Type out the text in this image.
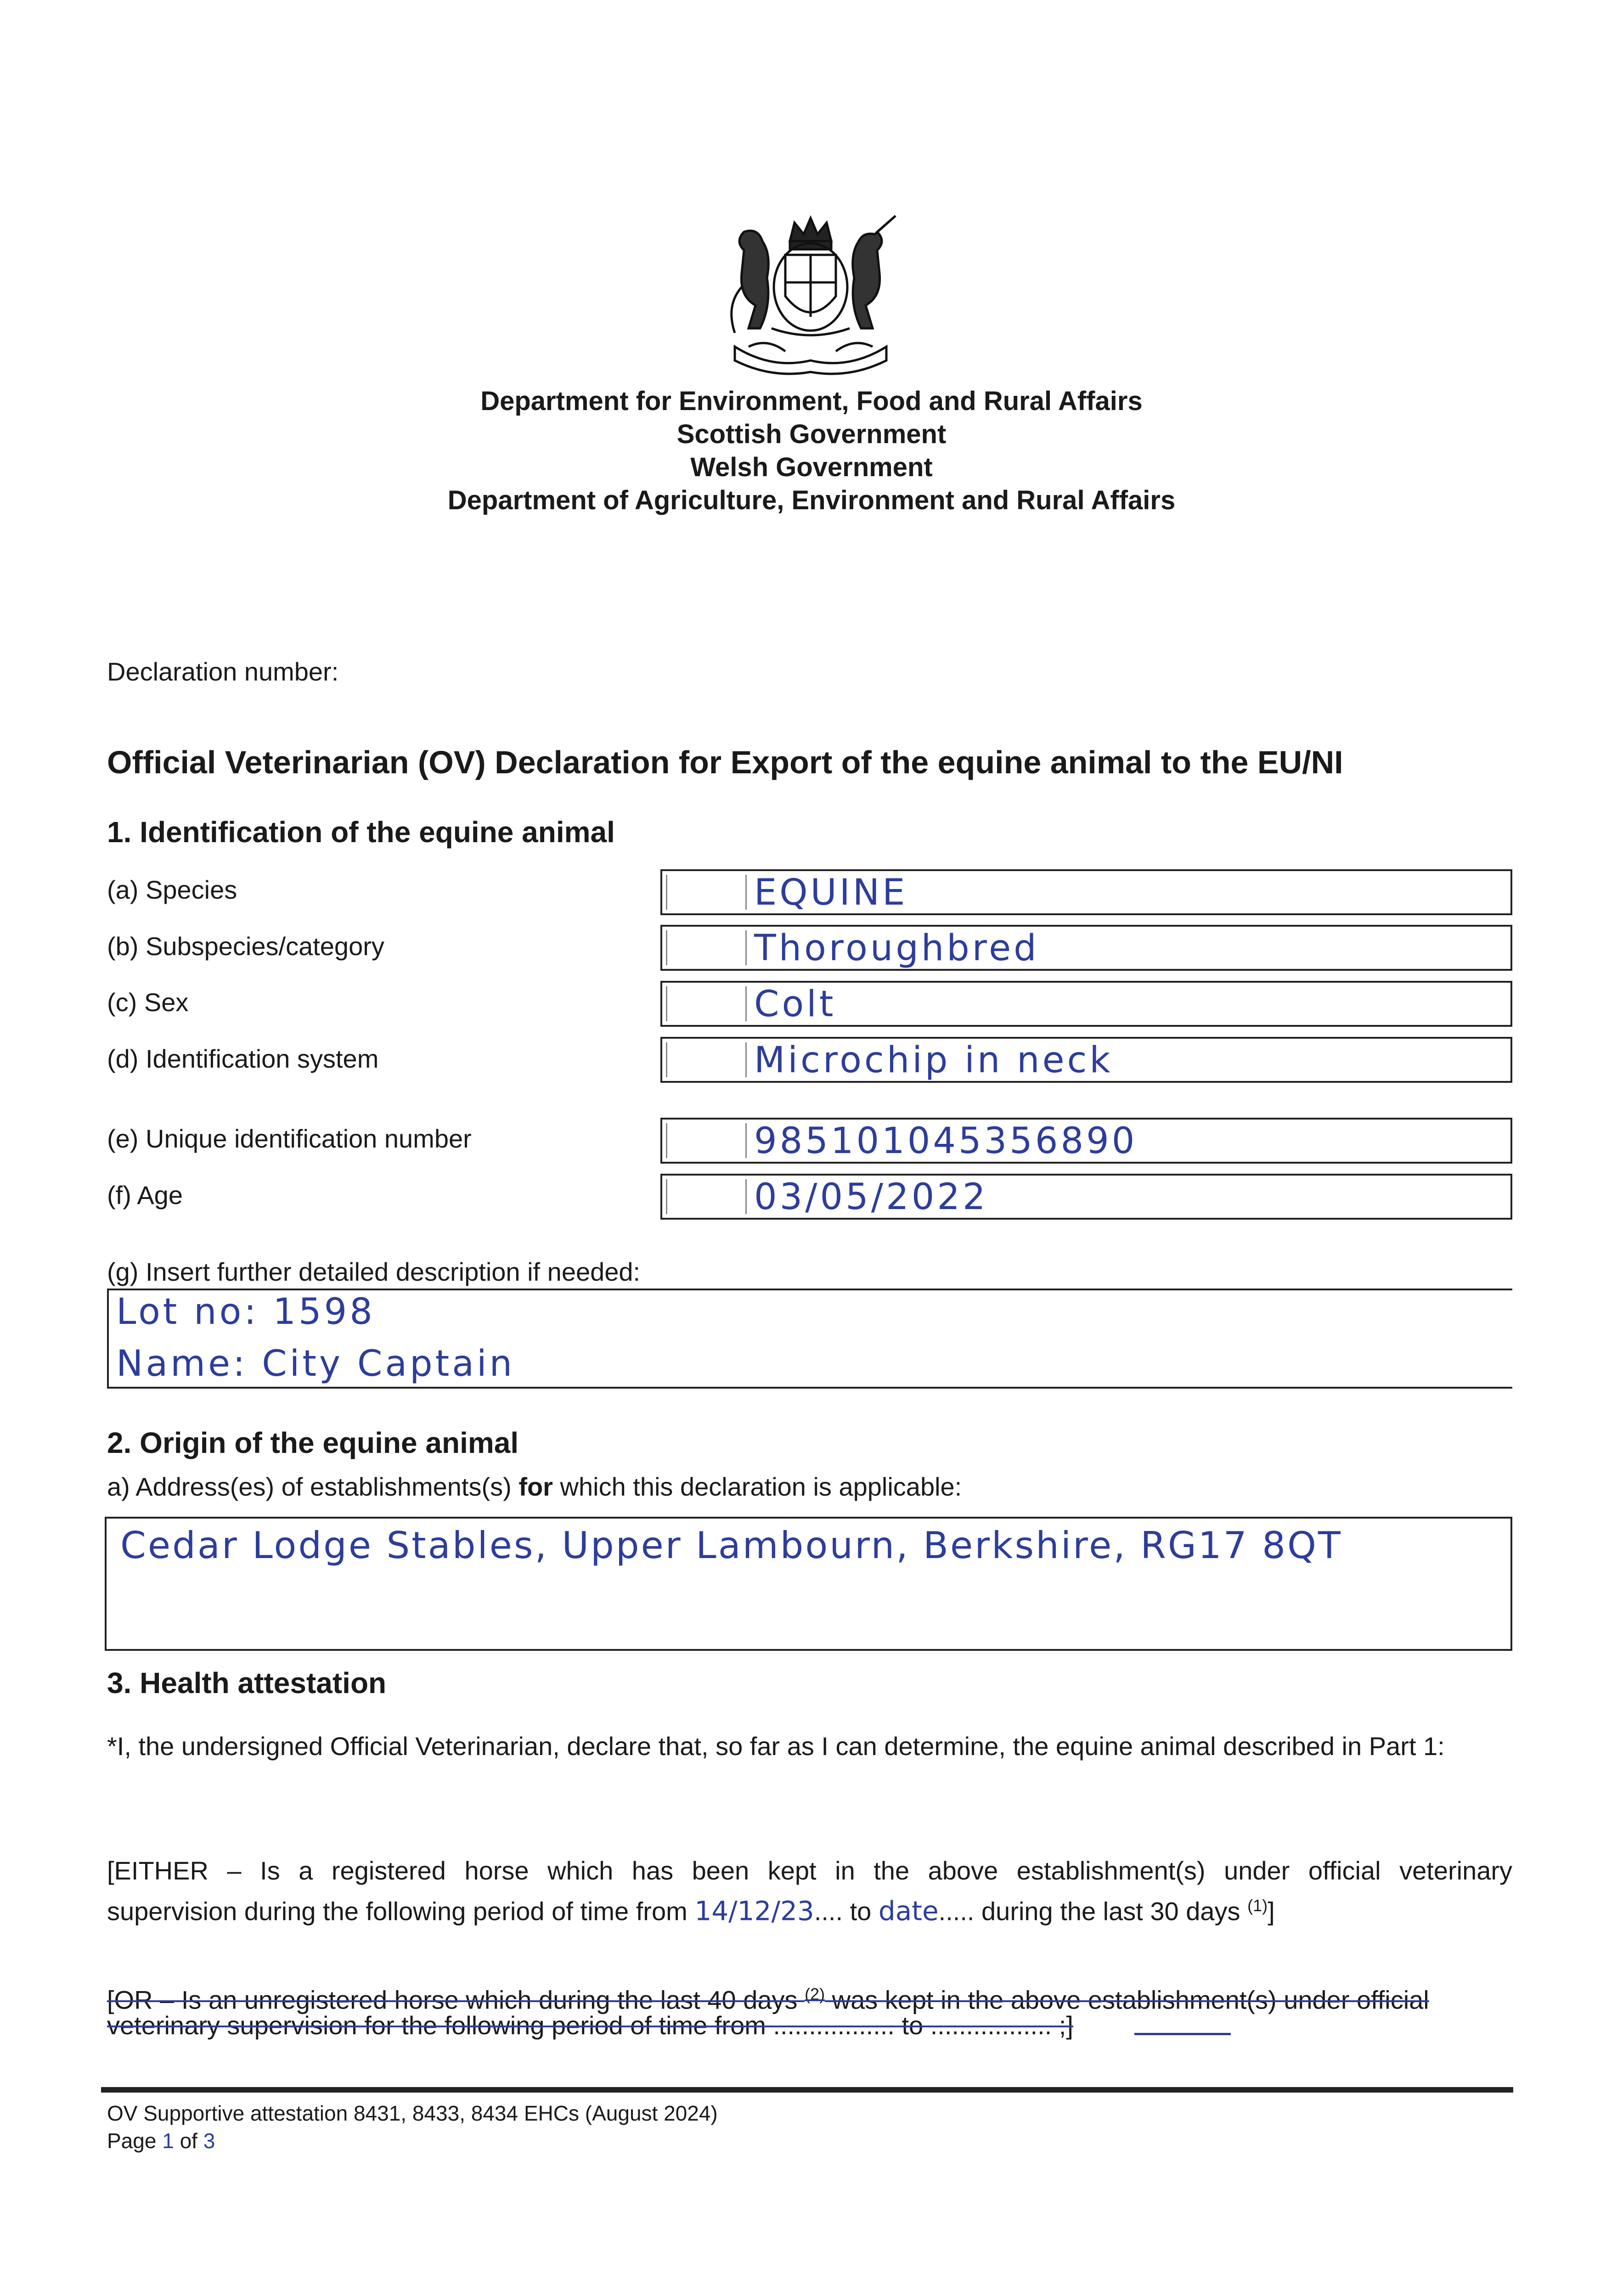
Department for Environment, Food and Rural Affairs
Scottish Government
Welsh Government
Department of Agriculture, Environment and Rural Affairs
Declaration number:
Official Veterinarian (OV) Declaration for Export of the equine animal to the EU/NI
1. Identification of the equine animal
(a) Species	EQUINE
(b) Subspecies/category	Thoroughbred
(c) Sex	Colt
(d) Identification system	Microchip in neck
(e) Unique identification number	985101045356890
(f) Age	03/05/2022
(g) Insert further detailed description if needed:
Lot no: 1598
Name: City Captain
2. Origin of the equine animal
a) Address(es) of establishments(s) for which this declaration is applicable:
Cedar Lodge Stables, Upper Lambourn, Berkshire, RG17 8QT
3. Health attestation
*I, the undersigned Official Veterinarian, declare that, so far as I can determine, the equine animal described in Part 1:
[EITHER – Is a registered horse which has been kept in the above establishment(s) under official veterinary
supervision during the following period of time from 14/12/23.... to date..... during the last 30 days $^{(1)}$]
[OR – Is an unregistered horse which during the last 40 days $^{(2)}$ was kept in the above establishment(s) under official
veterinary supervision for the following period of time from ................. to ................. ;]
OV Supportive attestation 8431, 8433, 8434 EHCs (August 2024)
Page 1 of 3
